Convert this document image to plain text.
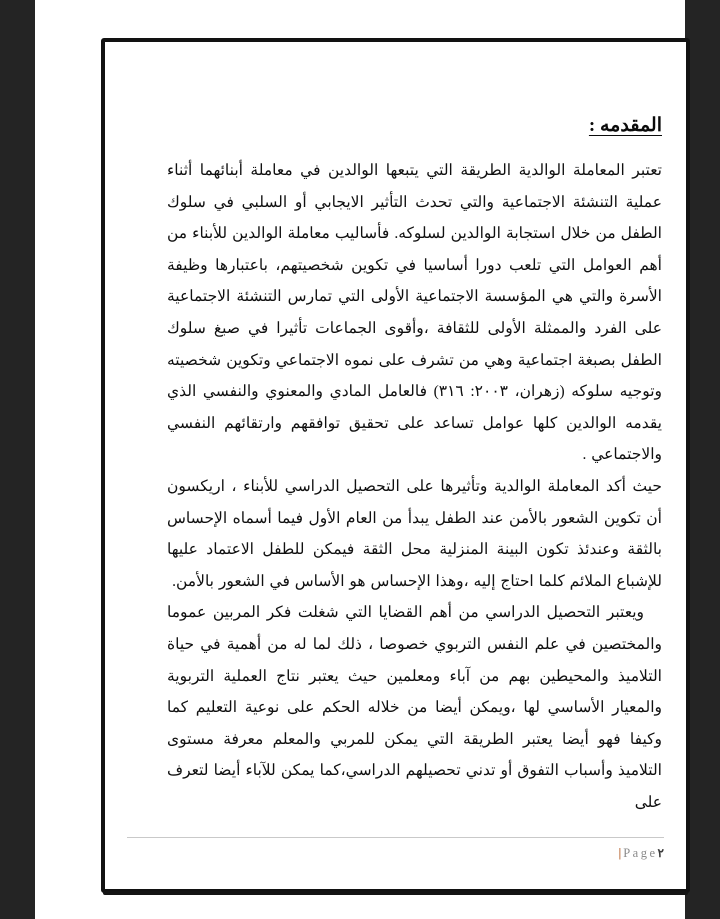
المقدمه :

تعتبر المعاملة الوالدية الطريقة التي يتبعها الوالدين في معاملة أبنائهما أثناء عملية التنشئة الاجتماعية والتي تحدث التأثير الايجابي أو السلبي في سلوك الطفل من خلال استجابة الوالدين لسلوكه. فأساليب معاملة الوالدين للأبناء من أهم العوامل التي تلعب دورا أساسيا في تكوين شخصيتهم، باعتبارها وظيفة الأسرة والتي هي المؤسسة الاجتماعية الأولى التي تمارس التنشئة الاجتماعية على الفرد والممثلة الأولى للثقافة ،وأقوى الجماعات تأثيرا في صبغ سلوك الطفل بصبغة اجتماعية وهي من تشرف على نموه الاجتماعي وتكوين شخصيته وتوجيه سلوكه (زهران، ٢٠٠٣: ٣١٦) فالعامل المادي والمعنوي والنفسي الذي يقدمه الوالدين كلها عوامل تساعد على تحقيق توافقهم وارتقائهم النفسي والاجتماعي .

حيث أكد المعاملة الوالدية وتأثيرها على التحصيل الدراسي للأبناء ، اريكسون أن تكوين الشعور بالأمن عند الطفل يبدأ من العام الأول فيما أسماه الإحساس بالثقة وعندئذ تكون البينة المنزلية محل الثقة فيمكن للطفل الاعتماد عليها للإشباع الملائم كلما احتاج إليه ،وهذا الإحساس هو الأساس في الشعور بالأمن.

ويعتبر التحصيل الدراسي من أهم القضايا التي شغلت فكر المربين عموما والمختصين في علم النفس التربوي خصوصا ، ذلك لما له من أهمية في حياة التلاميذ والمحيطين بهم من آباء ومعلمين حيث يعتبر نتاج العملية التربوية والمعيار الأساسي لها ،ويمكن أيضا من خلاله الحكم على نوعية التعليم كما وكيفا فهو أيضا يعتبر الطريقة التي يمكن للمربي والمعلم معرفة مستوى التلاميذ وأسباب التفوق أو تدني تحصيلهم الدراسي،كما يمكن للآباء أيضا لتعرف على

| Page٢
